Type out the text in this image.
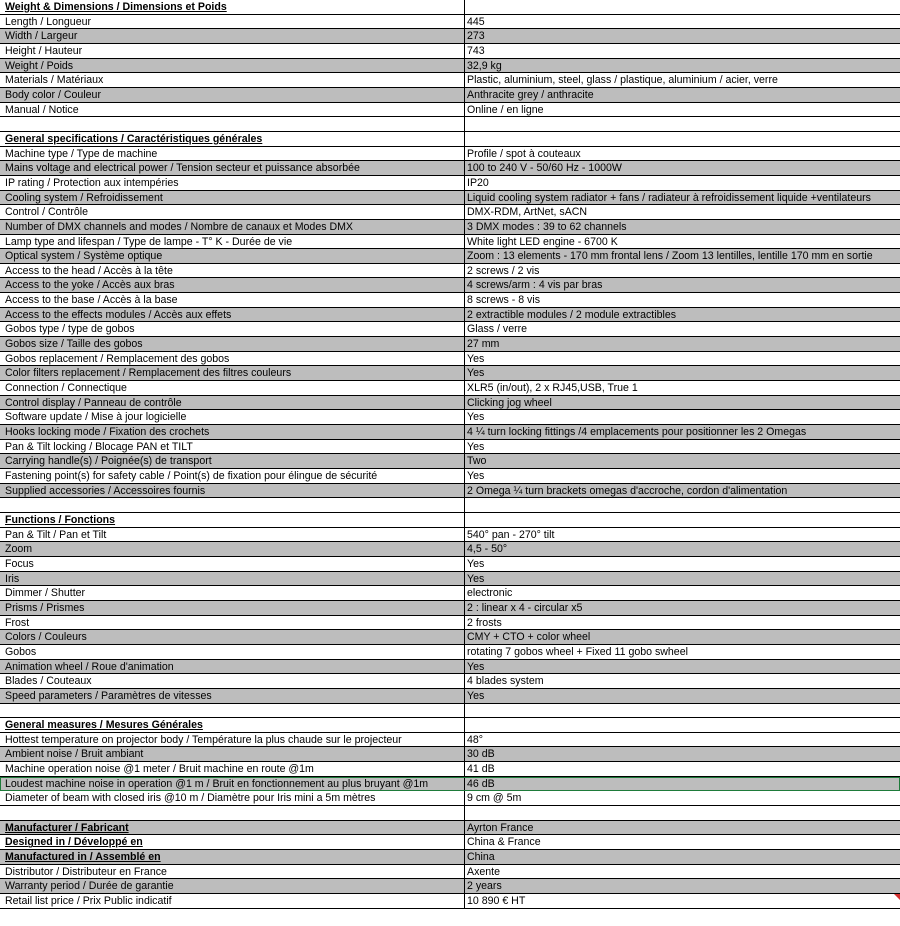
Weight & Dimensions / Dimensions et Poids
Length / Longueur	445
Width / Largeur	273
Height / Hauteur	743
Weight / Poids	32,9 kg
Materials / Matériaux	Plastic, aluminium, steel, glass / plastique, aluminium / acier, verre
Body color / Couleur	Anthracite grey / anthracite
Manual / Notice	Online / en ligne
General specifications / Caractéristiques générales
Machine type / Type de machine	Profile / spot à couteaux
Mains voltage and electrical power / Tension secteur et puissance absorbée	100 to 240 V - 50/60 Hz - 1000W
IP rating / Protection aux intempéries	IP20
Cooling system / Refroidissement	Liquid cooling system radiator + fans / radiateur à refroidissement liquide +ventilateurs
Control / Contrôle	DMX-RDM, ArtNet, sACN
Number of DMX channels and modes / Nombre de canaux et Modes DMX	3 DMX modes : 39 to 62 channels
Lamp type and lifespan / Type de lampe - T° K - Durée de vie	White light LED engine - 6700 K
Optical system / Système optique	Zoom : 13 elements - 170 mm frontal lens / Zoom 13 lentilles, lentille 170 mm en sortie
Access to the head / Accès à la tête	2 screws / 2 vis
Access to the yoke / Accès aux bras	4 screws/arm : 4 vis par bras
Access to the base / Accès à la base	8 screws - 8 vis
Access to the effects modules / Accès aux effets	2 extractible modules / 2 module extractibles
Gobos type / type de gobos	Glass / verre
Gobos size / Taille des gobos	27 mm
Gobos replacement / Remplacement des gobos	Yes
Color filters replacement / Remplacement des filtres couleurs	Yes
Connection / Connectique	XLR5 (in/out), 2 x RJ45,USB, True 1
Control display / Panneau de contrôle	Clicking jog wheel
Software update / Mise à jour logicielle	Yes
Hooks locking mode / Fixation des crochets	4 ¼ turn locking fittings /4 emplacements pour positionner les 2 Omegas
Pan & Tilt locking / Blocage PAN et TILT	Yes
Carrying handle(s) / Poignée(s) de transport	Two
Fastening point(s) for safety cable / Point(s) de fixation pour élingue de sécurité	Yes
Supplied accessories / Accessoires fournis	2 Omega ¼ turn brackets omegas d'accroche, cordon d'alimentation
Functions / Fonctions
Pan & Tilt / Pan et Tilt	540° pan - 270° tilt
Zoom	4,5 - 50°
Focus	Yes
Iris	Yes
Dimmer / Shutter	electronic
Prisms / Prismes	2 : linear x 4 - circular x5
Frost	2 frosts
Colors / Couleurs	CMY + CTO + color wheel
Gobos	rotating 7 gobos wheel + Fixed 11 gobo swheel
Animation wheel / Roue d'animation	Yes
Blades / Couteaux	4 blades system
Speed parameters / Paramètres de vitesses	Yes
General measures / Mesures Générales
Hottest temperature on projector body / Température la plus chaude sur le projecteur	48°
Ambient noise / Bruit ambiant	30 dB
Machine operation noise @1 meter / Bruit machine en route @1m	41 dB
Loudest machine noise in operation @1 m / Bruit en fonctionnement au plus bruyant @1m	46 dB
Diameter of beam with closed iris @10 m / Diamètre pour Iris mini a 5m mètres	9 cm @ 5m
Manufacturer / Fabricant	Ayrton France
Designed in / Développé en	China & France
Manufactured in / Assemblé en	China
Distributor / Distributeur en France	Axente
Warranty period / Durée de garantie	2 years
Retail list price / Prix Public indicatif	10 890 € HT
